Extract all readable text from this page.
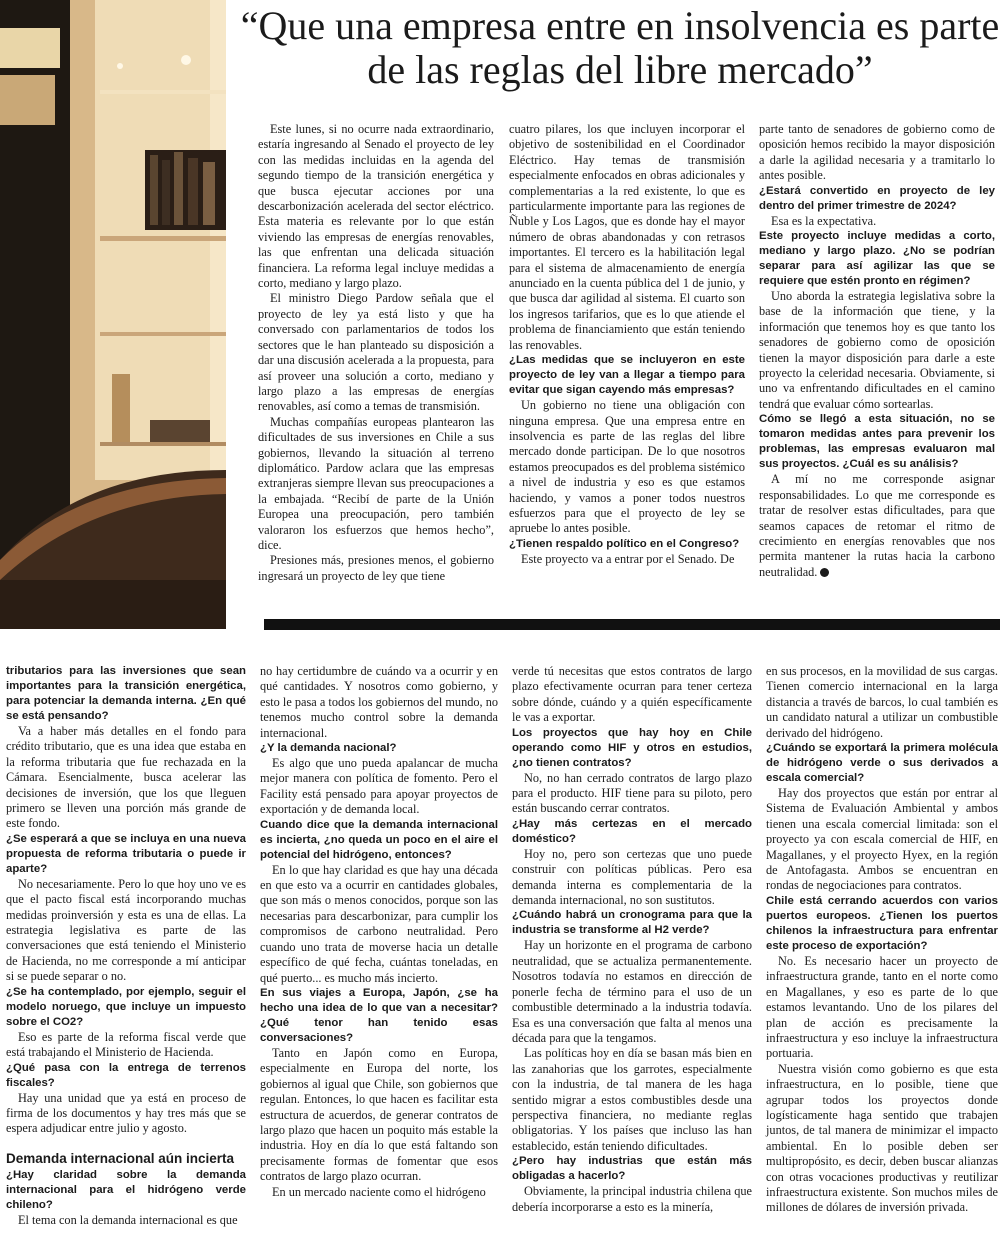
“Que una empresa entre en insolvencia es parte
de las reglas del libre mercado”

Este lunes, si no ocurre nada extraordinario, estaría ingresando al Senado el proyecto de ley con las medidas incluidas en la agenda del segundo tiempo de la transición energética y que busca ejecutar acciones por una descarbonización acelerada del sector eléctrico. Esta materia es relevante por lo que están viviendo las empresas de energías renovables, las que enfrentan una delicada situación financiera. La reforma legal incluye medidas a corto, mediano y largo plazo.

El ministro Diego Pardow señala que el proyecto de ley ya está listo y que ha conversado con parlamentarios de todos los sectores que le han planteado su disposición a dar una discusión acelerada a la propuesta, para así proveer una solución a corto, mediano y largo plazo a las empresas de energías renovables, así como a temas de transmisión.

Muchas compañías europeas plantearon las dificultades de sus inversiones en Chile a sus gobiernos, llevando la situación al terreno diplomático. Pardow aclara que las empresas extranjeras siempre llevan sus preocupaciones a la embajada. “Recibí de parte de la Unión Europea una preocupación, pero también valoraron los esfuerzos que hemos hecho”, dice.

Presiones más, presiones menos, el gobierno ingresará un proyecto de ley que tiene

cuatro pilares, los que incluyen incorporar el objetivo de sostenibilidad en el Coordinador Eléctrico. Hay temas de transmisión especialmente enfocados en obras adicionales y complementarias a la red existente, lo que es particularmente importante para las regiones de Ñuble y Los Lagos, que es donde hay el mayor número de obras abandonadas y con retrasos importantes. El tercero es la habilitación legal para el sistema de almacenamiento de energía anunciado en la cuenta pública del 1 de junio, y que busca dar agilidad al sistema. El cuarto son los ingresos tarifarios, que es lo que atiende el problema de financiamiento que están teniendo las renovables.

¿Las medidas que se incluyeron en este proyecto de ley van a llegar a tiempo para evitar que sigan cayendo más empresas?

Un gobierno no tiene una obligación con ninguna empresa. Que una empresa entre en insolvencia es parte de las reglas del libre mercado donde participan. De lo que nosotros estamos preocupados es del problema sistémico a nivel de industria y eso es que estamos haciendo, y vamos a poner todos nuestros esfuerzos para que el proyecto de ley se apruebe lo antes posible.

¿Tienen respaldo político en el Congreso?

Este proyecto va a entrar por el Senado. De

parte tanto de senadores de gobierno como de oposición hemos recibido la mayor disposición a darle la agilidad necesaria y a tramitarlo lo antes posible.

¿Estará convertido en proyecto de ley dentro del primer trimestre de 2024?

Esa es la expectativa.

Este proyecto incluye medidas a corto, mediano y largo plazo. ¿No se podrían separar para así agilizar las que se requiere que estén pronto en régimen?

Uno aborda la estrategia legislativa sobre la base de la información que tiene, y la información que tenemos hoy es que tanto los senadores de gobierno como de oposición tienen la mayor disposición para darle a este proyecto la celeridad necesaria. Obviamente, si uno va enfrentando dificultades en el camino tendrá que evaluar cómo sortearlas.

Cómo se llegó a esta situación, no se tomaron medidas antes para prevenir los problemas, las empresas evaluaron mal sus proyectos. ¿Cuál es su análisis?

A mí no me corresponde asignar responsabilidades. Lo que me corresponde es tratar de resolver estas dificultades, para que seamos capaces de retomar el ritmo de crecimiento en energías renovables que nos permita mantener la rutas hacia la carbono neutralidad.

tributarios para las inversiones que sean importantes para la transición energética, para potenciar la demanda interna. ¿En qué se está pensando?

Va a haber más detalles en el fondo para crédito tributario, que es una idea que estaba en la reforma tributaria que fue rechazada en la Cámara. Esencialmente, busca acelerar las decisiones de inversión, que los que lleguen primero se lleven una porción más grande de este fondo.

¿Se esperará a que se incluya en una nueva propuesta de reforma tributaria o puede ir aparte?

No necesariamente. Pero lo que hoy uno ve es que el pacto fiscal está incorporando muchas medidas proinversión y esta es una de ellas. La estrategia legislativa es parte de las conversaciones que está teniendo el Ministerio de Hacienda, no me corresponde a mí anticipar si se puede separar o no.

¿Se ha contemplado, por ejemplo, seguir el modelo noruego, que incluye un impuesto sobre el CO2?

Eso es parte de la reforma fiscal verde que está trabajando el Ministerio de Hacienda.

¿Qué pasa con la entrega de terrenos fiscales?

Hay una unidad que ya está en proceso de firma de los documentos y hay tres más que se espera adjudicar entre julio y agosto.

Demanda internacional aún incierta

¿Hay claridad sobre la demanda internacional para el hidrógeno verde chileno?

El tema con la demanda internacional es que

no hay certidumbre de cuándo va a ocurrir y en qué cantidades. Y nosotros como gobierno, y esto le pasa a todos los gobiernos del mundo, no tenemos mucho control sobre la demanda internacional.

¿Y la demanda nacional?

Es algo que uno pueda apalancar de mucha mejor manera con política de fomento. Pero el Facility está pensado para apoyar proyectos de exportación y de demanda local.

Cuando dice que la demanda internacional es incierta, ¿no queda un poco en el aire el potencial del hidrógeno, entonces?

En lo que hay claridad es que hay una década en que esto va a ocurrir en cantidades globales, que son más o menos conocidos, porque son las necesarias para descarbonizar, para cumplir los compromisos de carbono neutralidad. Pero cuando uno trata de moverse hacia un detalle específico de qué fecha, cuántas toneladas, en qué puerto... es mucho más incierto.

En sus viajes a Europa, Japón, ¿se ha hecho una idea de lo que van a necesitar? ¿Qué tenor han tenido esas conversaciones?

Tanto en Japón como en Europa, especialmente en Europa del norte, los gobiernos al igual que Chile, son gobiernos que regulan. Entonces, lo que hacen es facilitar esta estructura de acuerdos, de generar contratos de largo plazo que hacen un poquito más estable la industria. Hoy en día lo que está faltando son precisamente formas de fomentar que esos contratos de largo plazo ocurran.

En un mercado naciente como el hidrógeno

verde tú necesitas que estos contratos de largo plazo efectivamente ocurran para tener certeza sobre dónde, cuándo y a quién específicamente le vas a exportar.

Los proyectos que hay hoy en Chile operando como HIF y otros en estudios, ¿no tienen contratos?

No, no han cerrado contratos de largo plazo para el producto. HIF tiene para su piloto, pero están buscando cerrar contratos.

¿Hay más certezas en el mercado doméstico?

Hoy no, pero son certezas que uno puede construir con políticas públicas. Pero esa demanda interna es complementaria de la demanda internacional, no son sustitutos.

¿Cuándo habrá un cronograma para que la industria se transforme al H2 verde?

Hay un horizonte en el programa de carbono neutralidad, que se actualiza permanentemente. Nosotros todavía no estamos en dirección de ponerle fecha de término para el uso de un combustible determinado a la industria todavía. Esa es una conversación que falta al menos una década para que la tengamos.

Las políticas hoy en día se basan más bien en las zanahorias que los garrotes, especialmente con la industria, de tal manera de les haga sentido migrar a estos combustibles desde una perspectiva financiera, no mediante reglas obligatorias. Y los países que incluso las han establecido, están teniendo dificultades.

¿Pero hay industrias que están más obligadas a hacerlo?

Obviamente, la principal industria chilena que debería incorporarse a esto es la minería,

en sus procesos, en la movilidad de sus cargas. Tienen comercio internacional en la larga distancia a través de barcos, lo cual también es un candidato natural a utilizar un combustible derivado del hidrógeno.

¿Cuándo se exportará la primera molécula de hidrógeno verde o sus derivados a escala comercial?

Hay dos proyectos que están por entrar al Sistema de Evaluación Ambiental y ambos tienen una escala comercial limitada: son el proyecto ya con escala comercial de HIF, en Magallanes, y el proyecto Hyex, en la región de Antofagasta. Ambos se encuentran en rondas de negociaciones para contratos.

Chile está cerrando acuerdos con varios puertos europeos. ¿Tienen los puertos chilenos la infraestructura para enfrentar este proceso de exportación?

No. Es necesario hacer un proyecto de infraestructura grande, tanto en el norte como en Magallanes, y eso es parte de lo que estamos levantando. Uno de los pilares del plan de acción es precisamente la infraestructura y eso incluye la infraestructura portuaria.

Nuestra visión como gobierno es que esta infraestructura, en lo posible, tiene que agrupar todos los proyectos donde logísticamente haga sentido que trabajen juntos, de tal manera de minimizar el impacto ambiental. En lo posible deben ser multipropósito, es decir, deben buscar alianzas con otras vocaciones productivas y reutilizar infraestructura existente. Son muchos miles de millones de dólares de inversión privada.
